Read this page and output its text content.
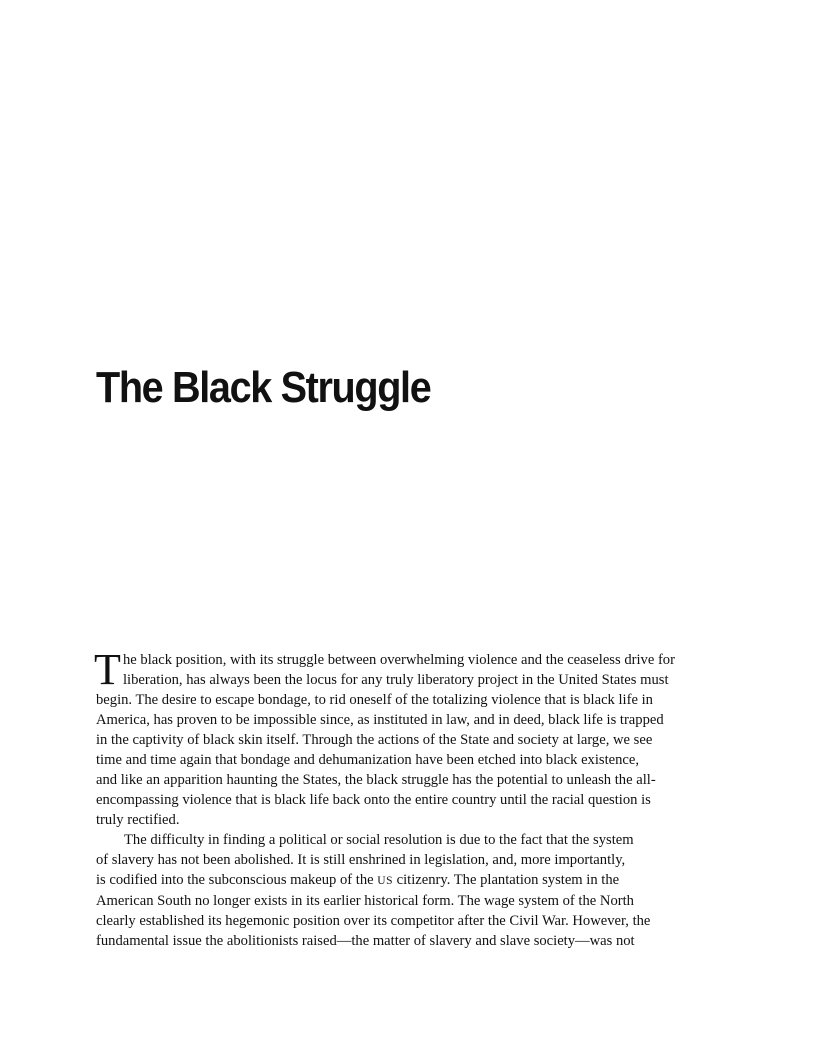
The Black Struggle
T he black position, with its struggle between overwhelming violence and the ceaseless drive for
liberation, has always been the locus for any truly liberatory project in the United States must
begin. The desire to escape bondage, to rid oneself of the totalizing violence that is black life in
America, has proven to be impossible since, as instituted in law, and in deed, black life is trapped
in the captivity of black skin itself. Through the actions of the State and society at large, we see
time and time again that bondage and dehumanization have been etched into black existence,
and like an apparition haunting the States, the black struggle has the potential to unleash the all-
encompassing violence that is black life back onto the entire country until the racial question is
truly rectified.
The difficulty in finding a political or social resolution is due to the fact that the system
of slavery has not been abolished. It is still enshrined in legislation, and, more importantly,
is codified into the subconscious makeup of the US citizenry. The plantation system in the
American South no longer exists in its earlier historical form. The wage system of the North
clearly established its hegemonic position over its competitor after the Civil War. However, the
fundamental issue the abolitionists raised—the matter of slavery and slave society—was not
